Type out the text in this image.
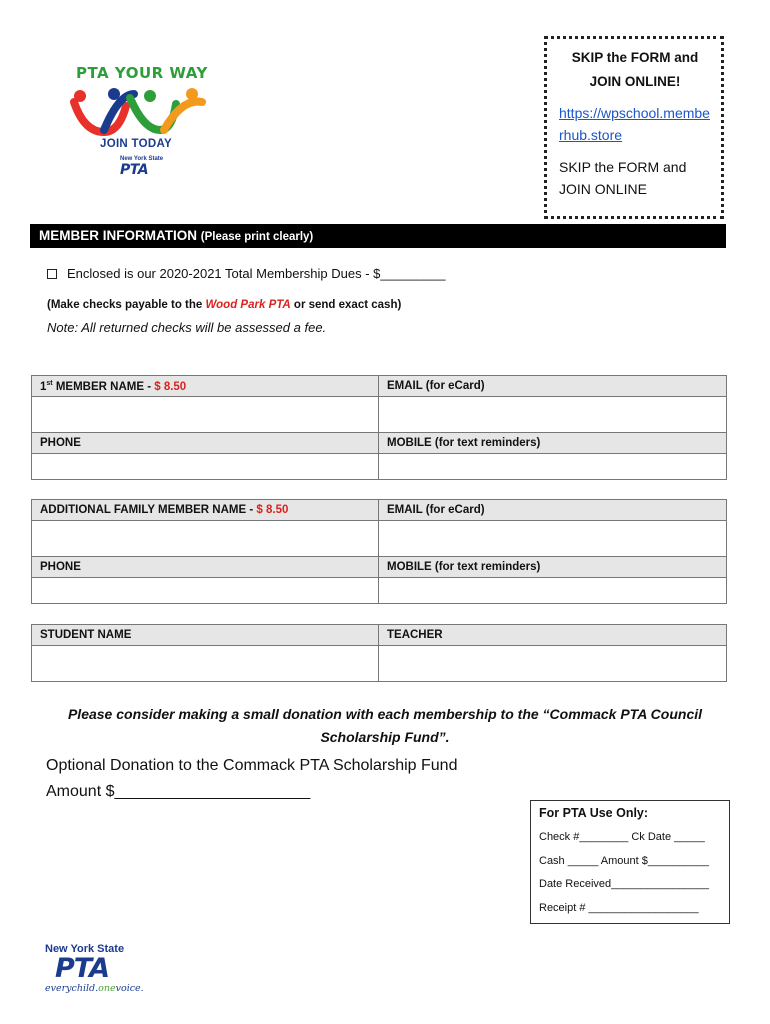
PTA YOUR WAY
JOIN TODAY
New York State
PTA
SKIP the FORM and JOIN ONLINE!
https://wpschool.memberhub.store
SKIP the FORM and JOIN ONLINE
MEMBER INFORMATION (Please print clearly)
Enclosed is our 2020-2021 Total Membership Dues - $_________
(Make checks payable to the Wood Park PTA or send exact cash)
Note: All returned checks will be assessed a fee.
1st MEMBER NAME - $ 8.50	EMAIL (for eCard)

PHONE	MOBILE (for text reminders)

ADDITIONAL FAMILY MEMBER NAME - $ 8.50	EMAIL (for eCard)

PHONE	MOBILE (for text reminders)

STUDENT NAME	TEACHER

Please consider making a small donation with each membership to the “Commack PTA Council Scholarship Fund”.
Optional Donation to the Commack PTA Scholarship Fund
Amount $______________________
For PTA Use Only:
Check #________ Ck Date _____
Cash _____ Amount $__________
Date Received________________
Receipt # __________________
New York State
PTA
everychild.onevoice.
